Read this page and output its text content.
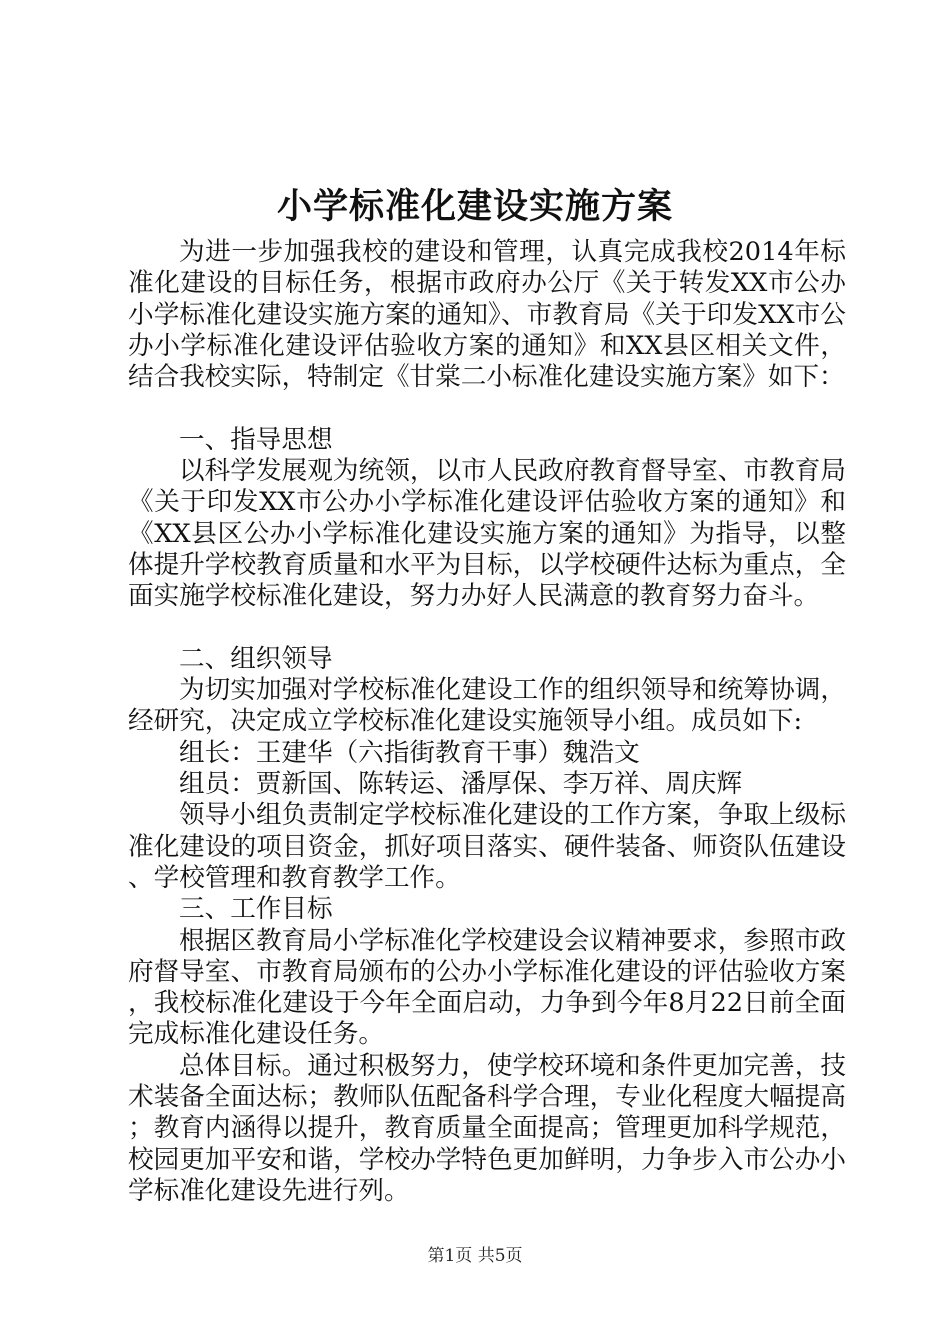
小学标准化建设实施方案

为进一步加强我校的建设和管理，认真完成我校2014年标准化建设的目标任务，根据市政府办公厅《关于转发XX市公办小学标准化建设实施方案的通知》、市教育局《关于印发XX市公办小学标准化建设评估验收方案的通知》和XX县区相关文件，结合我校实际，特制定《甘棠二小标准化建设实施方案》如下：

一、指导思想

以科学发展观为统领，以市人民政府教育督导室、市教育局《关于印发XX市公办小学标准化建设评估验收方案的通知》和《XX县区公办小学标准化建设实施方案的通知》为指导，以整体提升学校教育质量和水平为目标，以学校硬件达标为重点，全面实施学校标准化建设，努力办好人民满意的教育努力奋斗。

二、组织领导

为切实加强对学校标准化建设工作的组织领导和统筹协调，经研究，决定成立学校标准化建设实施领导小组。成员如下:

组长：王建华（六指街教育干事）魏浩文

组员：贾新国、陈转运、潘厚保、李万祥、周庆辉

领导小组负责制定学校标准化建设的工作方案，争取上级标准化建设的项目资金，抓好项目落实、硬件装备、师资队伍建设、学校管理和教育教学工作。

三、工作目标

根据区教育局小学标准化学校建设会议精神要求，参照市政府督导室、市教育局颁布的公办小学标准化建设的评估验收方案，我校标准化建设于今年全面启动，力争到今年8月22日前全面完成标准化建设任务。

总体目标。通过积极努力，使学校环境和条件更加完善，技术装备全面达标；教师队伍配备科学合理，专业化程度大幅提高；教育内涵得以提升，教育质量全面提高；管理更加科学规范，校园更加平安和谐，学校办学特色更加鲜明，力争步入市公办小学标准化建设先进行列。

第1页 共5页
